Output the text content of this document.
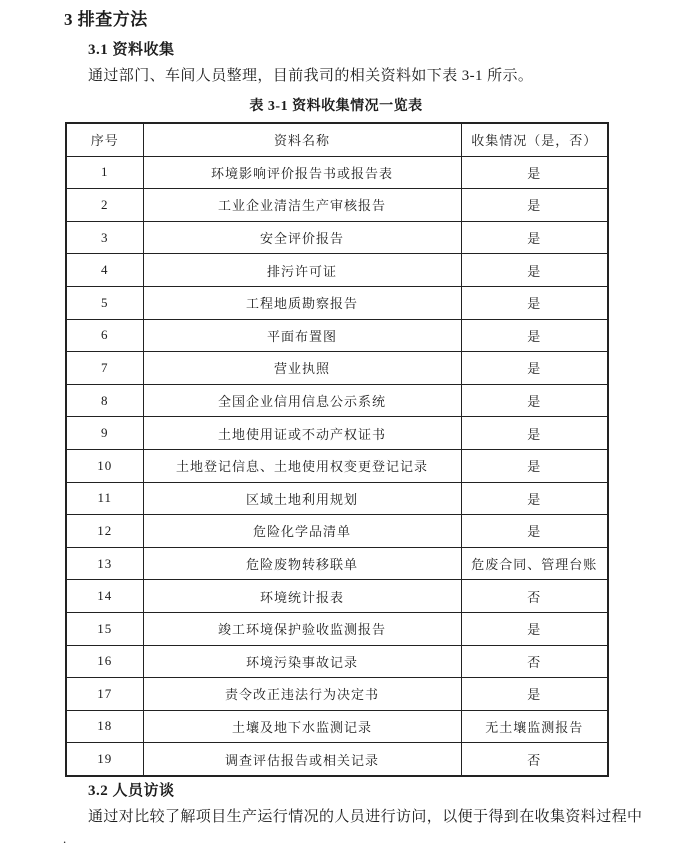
3 排查方法
3.1 资料收集
通过部门、车间人员整理，目前我司的相关资料如下表 3-1 所示。
表 3-1 资料收集情况一览表
序号	资料名称	收集情况（是，否）
1	环境影响评价报告书或报告表	是
2	工业企业清洁生产审核报告	是
3	安全评价报告	是
4	排污许可证	是
5	工程地质勘察报告	是
6	平面布置图	是
7	营业执照	是
8	全国企业信用信息公示系统	是
9	土地使用证或不动产权证书	是
10	土地登记信息、土地使用权变更登记记录	是
11	区域土地利用规划	是
12	危险化学品清单	是
13	危险废物转移联单	危废合同、管理台账
14	环境统计报表	否
15	竣工环境保护验收监测报告	是
16	环境污染事故记录	否
17	责令改正违法行为决定书	是
18	土壤及地下水监测记录	无土壤监测报告
19	调查评估报告或相关记录	否
3.2 人员访谈
通过对比较了解项目生产运行情况的人员进行访问，以便于得到在收集资料过程中
.
